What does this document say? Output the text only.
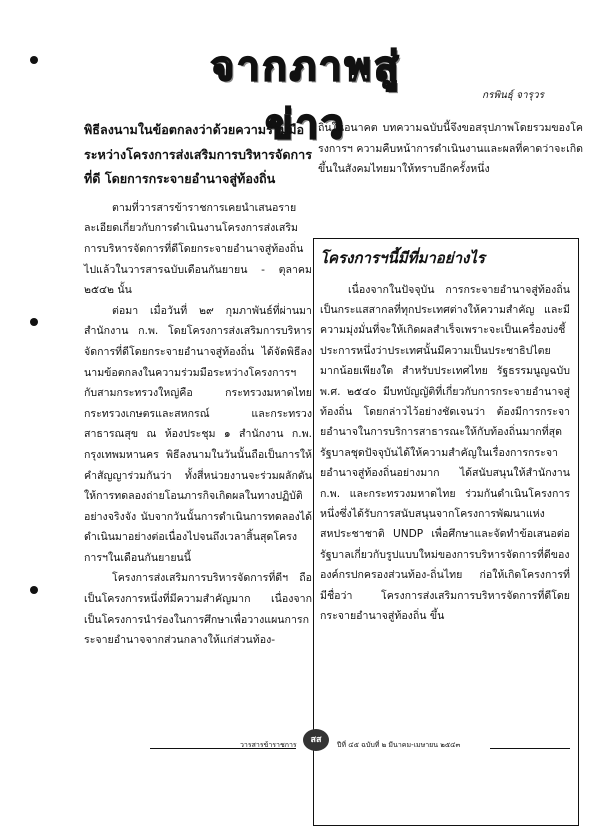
จากภาพสู่ข่าว
กรพินธุ์ จารุวร

พิธีลงนามในข้อตกลงว่าด้วยความร่วมมือระหว่างโครงการส่งเสริมการบริหารจัดการที่ดี โดยการกระจายอำนาจสู่ท้องถิ่น

ตามที่วารสารข้าราชการเคยนำเสนอรายละเอียดเกี่ยวกับการดำเนินงานโครงการส่งเสริมการบริหารจัดการที่ดีโดยกระจายอำนาจสู่ท้องถิ่นไปแล้วในวารสารฉบับเดือนกันยายน - ตุลาคม ๒๕๔๒ นั้น

ต่อมา เมื่อวันที่ ๒๙ กุมภาพันธ์ที่ผ่านมา สำนักงาน ก.พ. โดยโครงการส่งเสริมการบริหารจัดการที่ดีโดยกระจายอำนาจสู่ท้องถิ่น ได้จัดพิธีลงนามข้อตกลงในความร่วมมือระหว่างโครงการฯ กับสามกระทรวงใหญ่คือ กระทรวงมหาดไทย กระทรวงเกษตรและสหกรณ์ และกระทรวงสาธารณสุข ณ ห้องประชุม ๑ สำนักงาน ก.พ. กรุงเทพมหานคร พิธีลงนามในวันนั้นถือเป็นการให้คำสัญญาร่วมกันว่า ทั้งสี่หน่วยงานจะร่วมผลักดันให้การทดลองถ่ายโอนภารกิจเกิดผลในทางปฏิบัติอย่างจริงจัง นับจากวันนั้นการดำเนินการทดลองได้ดำเนินมาอย่างต่อเนื่องไปจนถึงเวลาสิ้นสุดโครงการฯในเดือนกันยายนนี้

โครงการส่งเสริมการบริหารจัดการที่ดีฯ ถือเป็นโครงการหนึ่งที่มีความสำคัญมาก เนื่องจากเป็นโครงการนำร่องในการศึกษาเพื่อวางแผนการกระจายอำนาจจากส่วนกลางให้แก่ส่วนท้อง-

ถิ่นในอนาคต บทความฉบับนี้จึงขอสรุปภาพโดยรวมของโครงการฯ ความคืบหน้าการดำเนินงานและผลที่คาดว่าจะเกิดขึ้นในสังคมไทยมาให้ทราบอีกครั้งหนึ่ง

โครงการฯนี้มีที่มาอย่างไร

เนื่องจากในปัจจุบัน การกระจายอำนาจสู่ท้องถิ่นเป็นกระแสสากลที่ทุกประเทศต่างให้ความสำคัญ และมีความมุ่งมั่นที่จะให้เกิดผลสำเร็จเพราะจะเป็นเครื่องบ่งชี้ประการหนึ่งว่าประเทศนั้นมีความเป็นประชาธิปไตยมากน้อยเพียงใด สำหรับประเทศไทย รัฐธรรมนูญฉบับ พ.ศ. ๒๕๔๐ มีบทบัญญัติที่เกี่ยวกับการกระจายอำนาจสู่ท้องถิ่น โดยกล่าวไว้อย่างชัดเจนว่า ต้องมีการกระจายอำนาจในการบริการสาธารณะให้กับท้องถิ่นมากที่สุด รัฐบาลชุดปัจจุบันได้ให้ความสำคัญในเรื่องการกระจายอำนาจสู่ท้องถิ่นอย่างมาก ได้สนับสนุนให้สำนักงาน ก.พ. และกระทรวงมหาดไทย ร่วมกันดำเนินโครงการหนึ่งซึ่งได้รับการสนับสนุนจากโครงการพัฒนาแห่งสหประชาชาติ UNDP เพื่อศึกษาและจัดทำข้อเสนอต่อรัฐบาลเกี่ยวกับรูปแบบใหม่ของการบริหารจัดการที่ดีขององค์กรปกครองส่วนท้อง-ถิ่นไทย ก่อให้เกิดโครงการที่มีชื่อว่า โครงการส่งเสริมการบริหารจัดการที่ดีโดยกระจายอำนาจสู่ท้องถิ่น ขึ้น

วารสารข้าราชการ	สส	ปีที่ ๔๕ ฉบับที่ ๒ มีนาคม-เมษายน ๒๕๔๓
